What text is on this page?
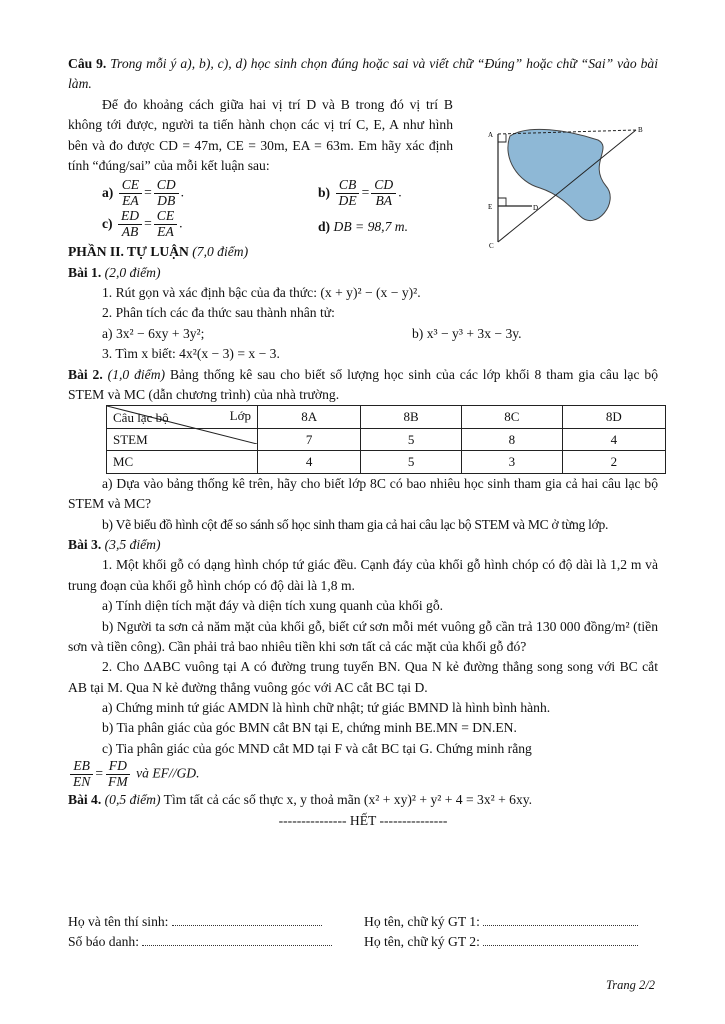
Câu 9. Trong mỗi ý a), b), c), d) học sinh chọn đúng hoặc sai và viết chữ “Đúng” hoặc chữ “Sai” vào bài làm.

Để đo khoảng cách giữa hai vị trí D và B trong đó vị trí B không tới được, người ta tiến hành chọn các vị trí C, E, A như hình bên và đo được CD = 47m, CE = 30m, EA = 63m. Em hãy xác định tính “đúng/sai” của mỗi kết luận sau:

$a) \frac{CE}{EA} = \frac{CD}{DB}$ .	$b) \frac{CB}{DE} = \frac{CD}{BA}$ .
$c) \frac{ED}{AB} = \frac{CE}{EA}$ .	d) DB = 98,7 m.
A
B
E	D
C

PHẦN II. TỰ LUẬN (7,0 điểm)

Bài 1. (2,0 điểm)

1. Rút gọn và xác định bậc của đa thức: (x + y)² − (x − y)².

2. Phân tích các đa thức sau thành nhân tử:

a) 3x² − 6xy + 3y²;	b) x³ − y³ + 3x − 3y.

3. Tìm x biết: 4x²(x − 3) = x − 3.

Bài 2. (1,0 điểm) Bảng thống kê sau cho biết số lượng học sinh của các lớp khối 8 tham gia câu lạc bộ STEM và MC (dẫn chương trình) của nhà trường.

Lớp
Câu lạc bộ	8A	8B	8C	8D
STEM	7	5	8	4
MC	4	5	3	2

a) Dựa vào bảng thống kê trên, hãy cho biết lớp 8C có bao nhiêu học sinh tham gia cả hai câu lạc bộ STEM và MC?

b) Vẽ biểu đồ hình cột để so sánh số học sinh tham gia cả hai câu lạc bộ STEM và MC ở từng lớp.

Bài 3. (3,5 điểm)

1. Một khối gỗ có dạng hình chóp tứ giác đều. Cạnh đáy của khối gỗ hình chóp có độ dài là 1,2 m và trung đoạn của khối gỗ hình chóp có độ dài là 1,8 m.

a) Tính diện tích mặt đáy và diện tích xung quanh của khối gỗ.

b) Người ta sơn cả năm mặt của khối gỗ, biết cứ sơn mỗi mét vuông gỗ cần trả 130 000 đồng/m² (tiền sơn và tiền công). Cần phải trả bao nhiêu tiền khi sơn tất cả các mặt của khối gỗ đó?

2. Cho ΔABC vuông tại A có đường trung tuyến BN. Qua N kẻ đường thẳng song song với BC cắt AB tại M. Qua N kẻ đường thẳng vuông góc với AC cắt BC tại D.

a) Chứng minh tứ giác AMDN là hình chữ nhật; tứ giác BMND là hình bình hành.

b) Tia phân giác của góc BMN cắt BN tại E, chứng minh BE.MN = DN.EN.

c) Tia phân giác của góc MND cắt MD tại F và cắt BC tại G. Chứng minh rằng

$\frac{EB}{EN} = \frac{FD}{FM}$ và EF//GD.

Bài 4. (0,5 điểm) Tìm tất cả các số thực x, y thoả mãn (x² + xy)² + y² + 4 = 3x² + 6xy.

--------------- HẾT ---------------

Họ và tên thí sinh:	Họ tên, chữ ký GT 1:
Số báo danh:	Họ tên, chữ ký GT 2:
Trang 2/2
